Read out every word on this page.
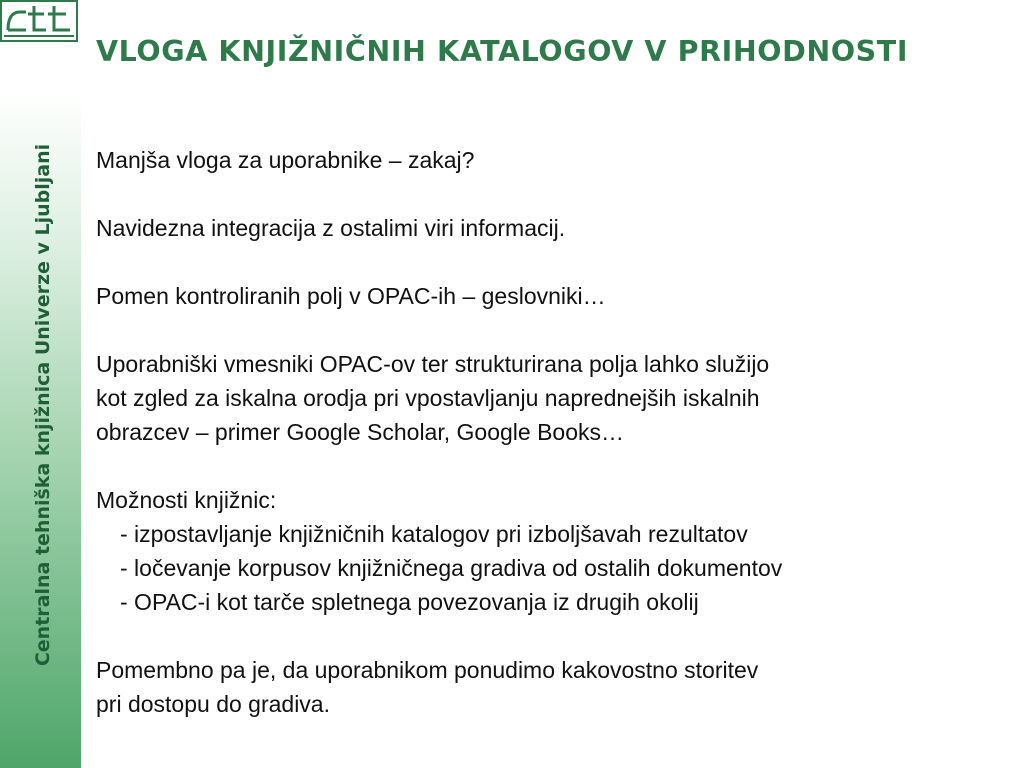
Centralna tehniška knjižnica Univerze v Ljubljani
VLOGA KNJIŽNIČNIH KATALOGOV V PRIHODNOSTI
Manjša vloga za uporabnike – zakaj?
Navidezna integracija z ostalimi viri informacij.
Pomen kontroliranih polj v OPAC-ih – geslovniki…
Uporabniški vmesniki OPAC-ov ter strukturirana polja lahko služijo
kot zgled za iskalna orodja pri vpostavljanju naprednejših iskalnih
obrazcev – primer Google Scholar, Google Books…
Možnosti knjižnic:
- izpostavljanje knjižničnih katalogov pri izboljšavah rezultatov
- ločevanje korpusov knjižničnega gradiva od ostalih dokumentov
- OPAC-i kot tarče spletnega povezovanja iz drugih okolij
Pomembno pa je, da uporabnikom ponudimo kakovostno storitev
pri dostopu do gradiva.
